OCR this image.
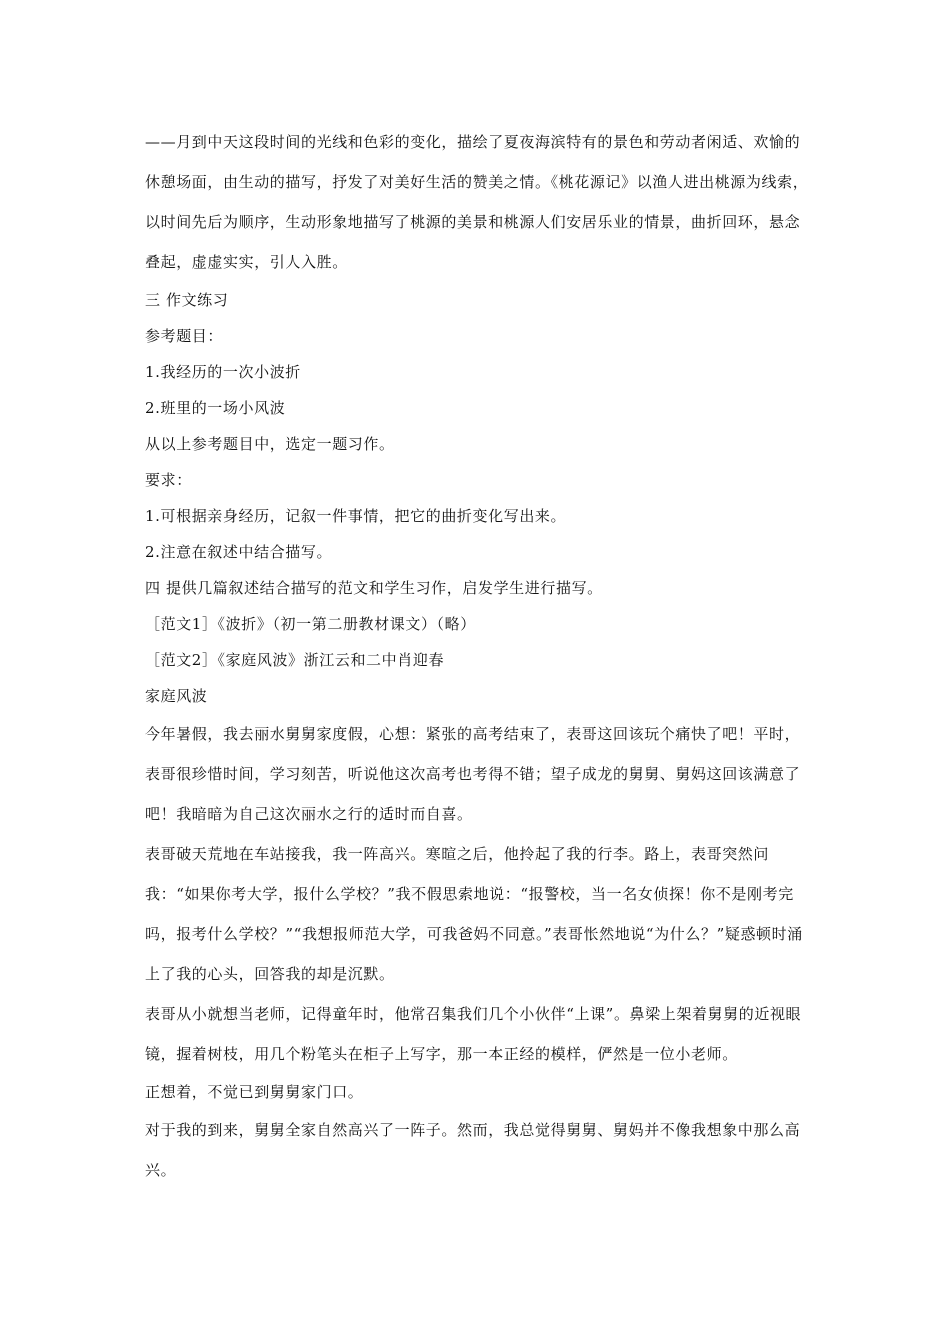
——月到中天这段时间的光线和色彩的变化，描绘了夏夜海滨特有的景色和劳动者闲适、欢愉的休憩场面，由生动的描写，抒发了对美好生活的赞美之情。《桃花源记》以渔人进出桃源为线索，以时间先后为顺序，生动形象地描写了桃源的美景和桃源人们安居乐业的情景，曲折回环，悬念叠起，虚虚实实，引人入胜。

三 作文练习

参考题目：

1.我经历的一次小波折

2.班里的一场小风波

从以上参考题目中，选定一题习作。

要求：

1.可根据亲身经历，记叙一件事情，把它的曲折变化写出来。

2.注意在叙述中结合描写。

四 提供几篇叙述结合描写的范文和学生习作，启发学生进行描写。

［范文1］《波折》（初一第二册教材课文）（略）

［范文2］《家庭风波》浙江云和二中肖迎春

家庭风波

今年暑假，我去丽水舅舅家度假，心想：紧张的高考结束了，表哥这回该玩个痛快了吧！平时，表哥很珍惜时间，学习刻苦，听说他这次高考也考得不错；望子成龙的舅舅、舅妈这回该满意了吧！我暗暗为自己这次丽水之行的适时而自喜。

表哥破天荒地在车站接我，我一阵高兴。寒暄之后，他拎起了我的行李。路上，表哥突然问我：“如果你考大学，报什么学校？”我不假思索地说：“报警校，当一名女侦探！你不是刚考完吗，报考什么学校？”“我想报师范大学，可我爸妈不同意。”表哥怅然地说“为什么？”疑惑顿时涌上了我的心头，回答我的却是沉默。

表哥从小就想当老师，记得童年时，他常召集我们几个小伙伴“上课”。鼻梁上架着舅舅的近视眼镜，握着树枝，用几个粉笔头在柜子上写字，那一本正经的模样，俨然是一位小老师。

正想着，不觉已到舅舅家门口。

对于我的到来，舅舅全家自然高兴了一阵子。然而，我总觉得舅舅、舅妈并不像我想象中那么高兴。
